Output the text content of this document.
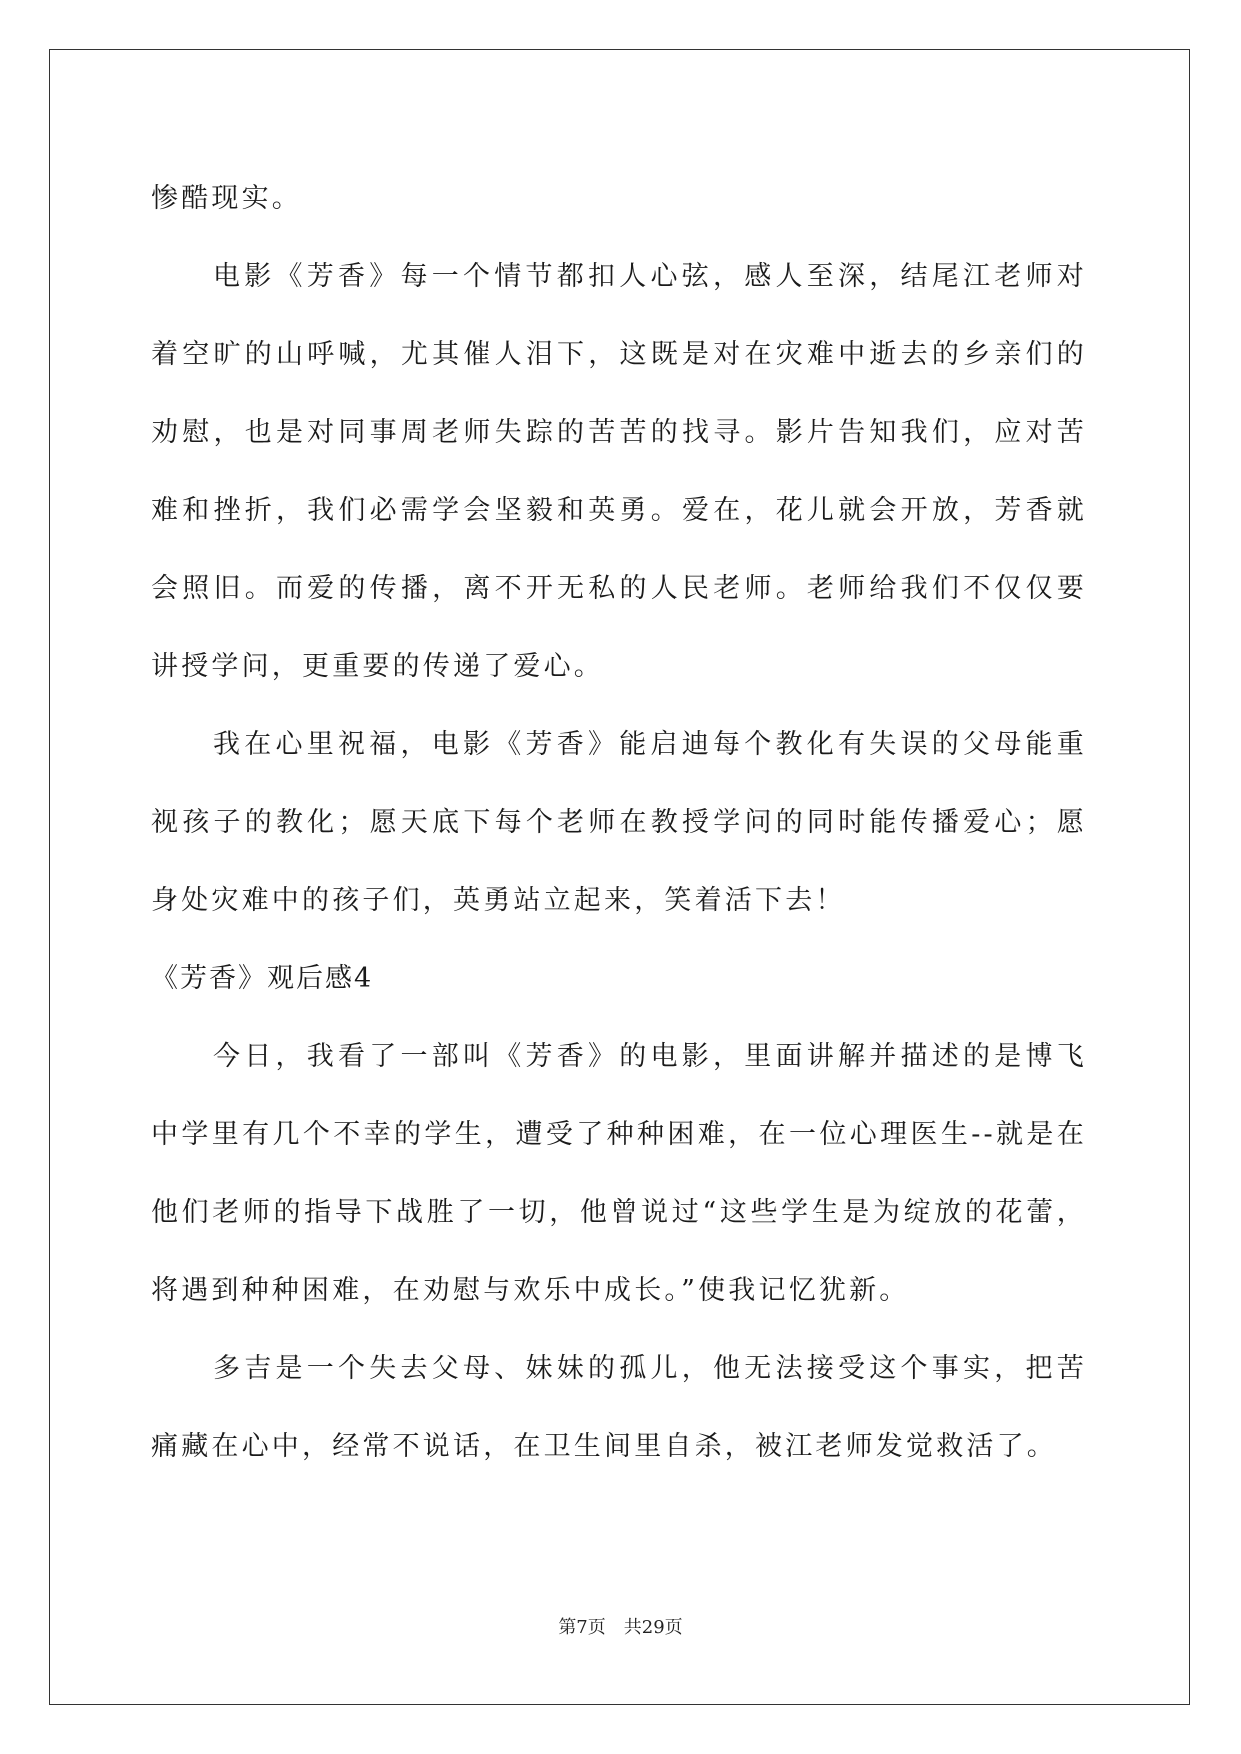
惨酷现实。

电影《芳香》每一个情节都扣人心弦，感人至深，结尾江老师对着空旷的山呼喊，尤其催人泪下，这既是对在灾难中逝去的乡亲们的劝慰，也是对同事周老师失踪的苦苦的找寻。影片告知我们，应对苦难和挫折，我们必需学会坚毅和英勇。爱在，花儿就会开放，芳香就会照旧。而爱的传播，离不开无私的人民老师。老师给我们不仅仅要讲授学问，更重要的传递了爱心。

我在心里祝福，电影《芳香》能启迪每个教化有失误的父母能重视孩子的教化；愿天底下每个老师在教授学问的同时能传播爱心；愿身处灾难中的孩子们，英勇站立起来，笑着活下去！

《芳香》观后感4

今日，我看了一部叫《芳香》的电影，里面讲解并描述的是博飞中学里有几个不幸的学生，遭受了种种困难，在一位心理医生--就是在他们老师的指导下战胜了一切，他曾说过“这些学生是为绽放的花蕾，将遇到种种困难，在劝慰与欢乐中成长。”使我记忆犹新。

多吉是一个失去父母、妹妹的孤儿，他无法接受这个事实，把苦痛藏在心中，经常不说话，在卫生间里自杀，被江老师发觉救活了。

第7页 共29页
